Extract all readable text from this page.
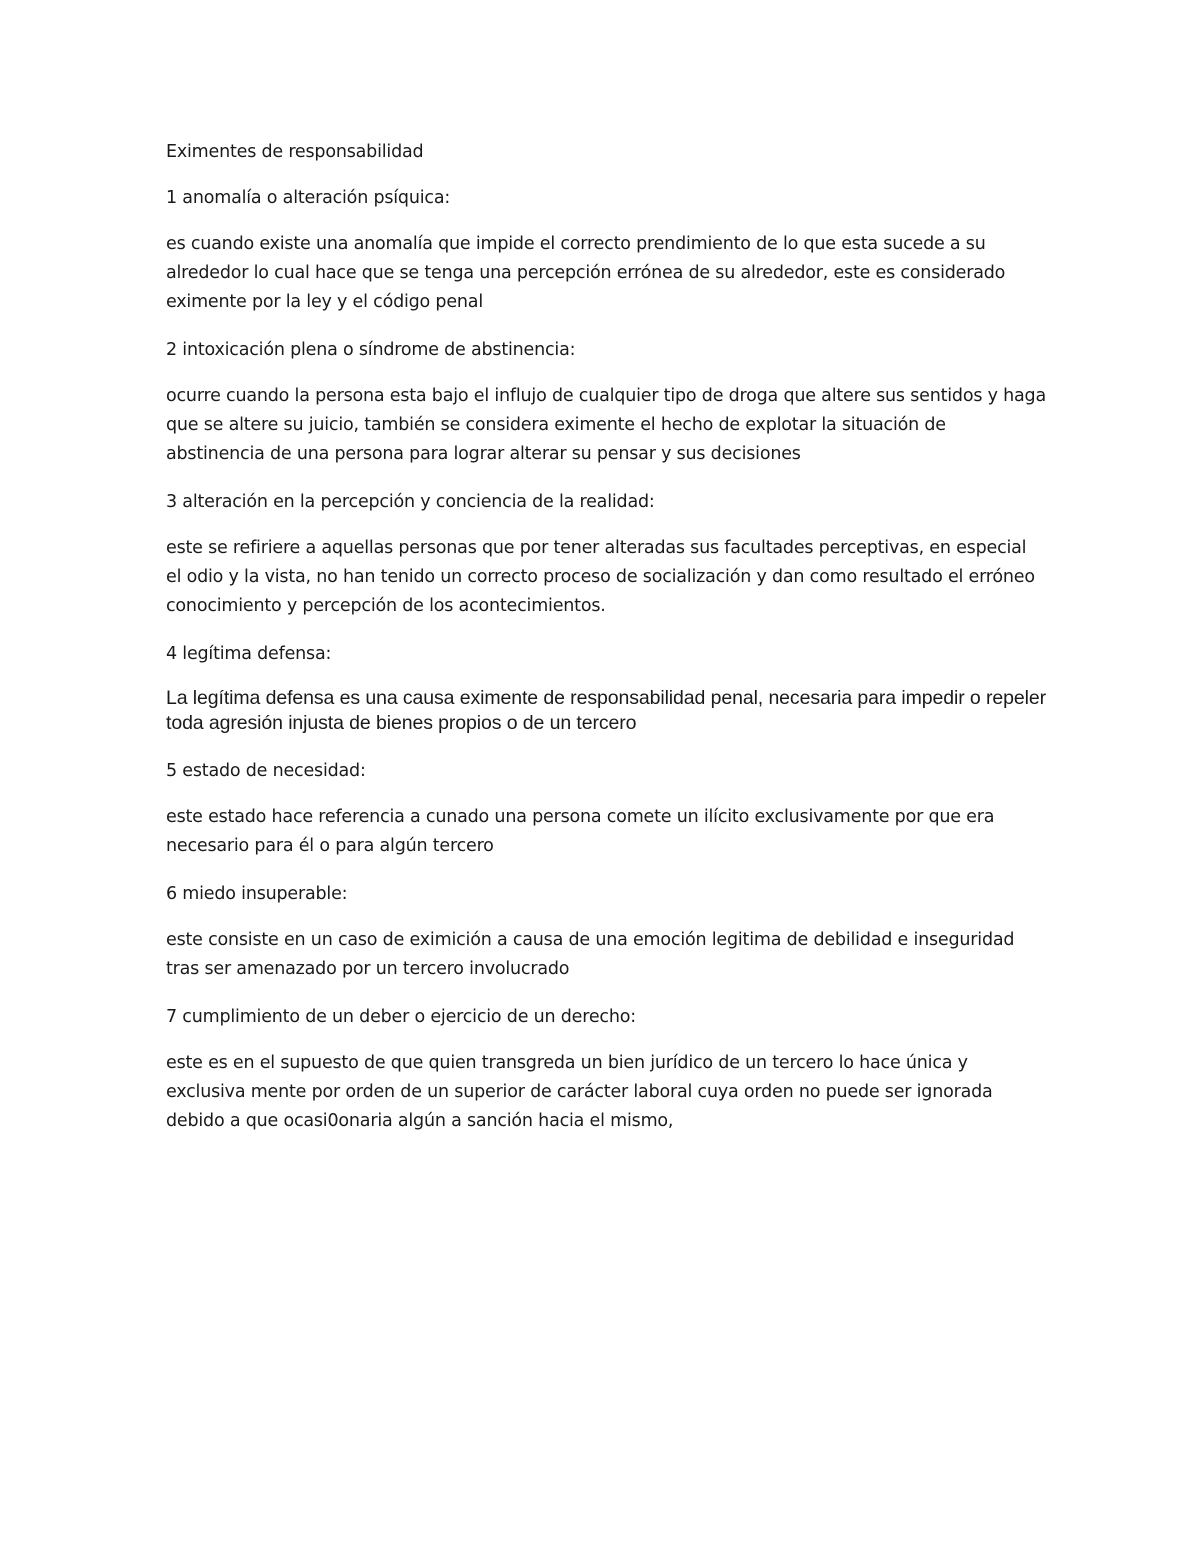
Eximentes de responsabilidad

1 anomalía o alteración psíquica:

es cuando existe una anomalía que impide el correcto prendimiento de lo que esta sucede a su alrededor lo cual hace que se tenga una percepción errónea de su alrededor, este es considerado eximente por la ley y el código penal

2 intoxicación plena o síndrome de abstinencia:

ocurre cuando la persona esta bajo el influjo de cualquier tipo de droga que altere sus sentidos y haga que se altere su juicio, también se considera eximente el hecho de explotar la situación de abstinencia de una persona para lograr alterar su pensar y sus decisiones

3 alteración en la percepción y conciencia de la realidad:

este se refiriere a aquellas personas que por tener alteradas sus facultades perceptivas, en especial el odio y la vista, no han tenido un correcto proceso de socialización y dan como resultado el erróneo conocimiento y percepción de los acontecimientos.

4 legítima defensa:

La legítima defensa es una causa eximente de responsabilidad penal, necesaria para impedir o repeler toda agresión injusta de bienes propios o de un tercero

5 estado de necesidad:

este estado hace referencia a cunado una persona comete un ilícito exclusivamente por que era necesario para él o para algún tercero

6 miedo insuperable:

este consiste en un caso de eximición a causa de una emoción legitima de debilidad e inseguridad tras ser amenazado por un tercero involucrado

7 cumplimiento de un deber o ejercicio de un derecho:

este es en el supuesto de que quien transgreda un bien jurídico de un tercero lo hace única y exclusiva mente por orden de un superior de carácter laboral cuya orden no puede ser ignorada debido a que ocasi0onaria algún a sanción hacia el mismo,
